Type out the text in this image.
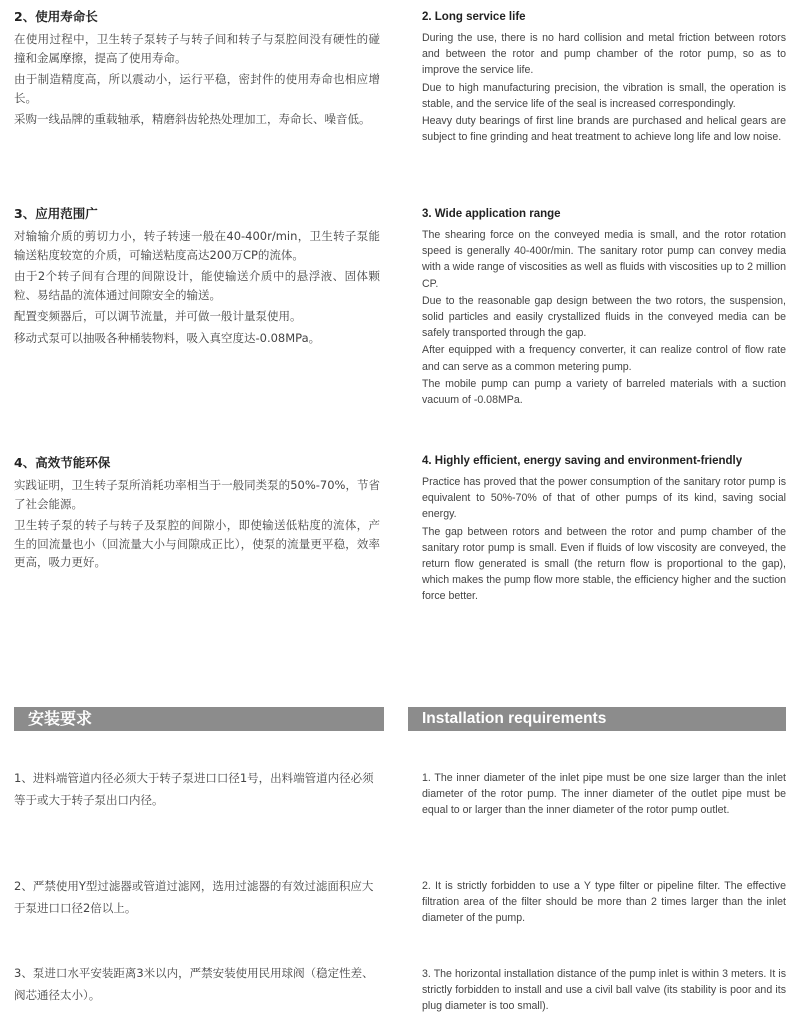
2、使用寿命长

在使用过程中，卫生转子泵转子与转子间和转子与泵腔间没有硬性的碰撞和金属摩擦，提高了使用寿命。

由于制造精度高，所以震动小，运行平稳，密封件的使用寿命也相应增长。

采购一线品牌的重载轴承，精磨斜齿轮热处理加工，寿命长、噪音低。

2. Long service life

During the use, there is no hard collision and metal friction between rotors and between the rotor and pump chamber of the rotor pump, so as to improve the service life.

Due to high manufacturing precision, the vibration is small, the operation is stable, and the service life of the seal is increased correspondingly.

Heavy duty bearings of first line brands are purchased and helical gears are subject to fine grinding and heat treatment to achieve long life and low noise.

3、应用范围广

对输输介质的剪切力小，转子转速一般在40-400r/min，卫生转子泵能输送粘度较宽的介质，可输送粘度高达200万CP的流体。

由于2个转子间有合理的间隙设计，能使输送介质中的悬浮液、固体颗粒、易结晶的流体通过间隙安全的输送。

配置变频器后，可以调节流量，并可做一般计量泵使用。

移动式泵可以抽吸各种桶装物料，吸入真空度达-0.08MPa。

3. Wide application range

The shearing force on the conveyed media is small, and the rotor rotation speed is generally 40-400r/min. The sanitary rotor pump can convey media with a wide range of viscosities as well as fluids with viscosities up to 2 million CP.

Due to the reasonable gap design between the two rotors, the suspension, solid particles and easily crystallized fluids in the conveyed media can be safely transported through the gap.

After equipped with a frequency converter, it can realize control of flow rate and can serve as a common metering pump.

The mobile pump can pump a variety of barreled materials with a suction vacuum of -0.08MPa.

4、高效节能环保

实践证明，卫生转子泵所消耗功率相当于一般同类泵的50%-70%，节省了社会能源。

卫生转子泵的转子与转子及泵腔的间隙小，即使输送低粘度的流体，产生的回流量也小（回流量大小与间隙成正比），使泵的流量更平稳，效率更高，吸力更好。

4. Highly efficient, energy saving and environment-friendly

Practice has proved that the power consumption of the sanitary rotor pump is equivalent to 50%-70% of that of other pumps of its kind, saving social energy.

The gap between rotors and between the rotor and pump chamber of the sanitary rotor pump is small. Even if fluids of low viscosity are conveyed, the return flow generated is small (the return flow is proportional to the gap), which makes the pump flow more stable, the efficiency higher and the suction force better.

安装要求	Installation requirements

1、进料端管道内径必须大于转子泵进口口径1号，出料端管道内径必须等于或大于转子泵出口内径。

1. The inner diameter of the inlet pipe must be one size larger than the inlet diameter of the rotor pump. The inner diameter of the outlet pipe must be equal to or larger than the inner diameter of the rotor pump outlet.

2、严禁使用Y型过滤器或管道过滤网，选用过滤器的有效过滤面积应大于泵进口口径2倍以上。

2. It is strictly forbidden to use a Y type filter or pipeline filter. The effective filtration area of the filter should be more than 2 times larger than the inlet diameter of the pump.

3、泵进口水平安装距离3米以内，严禁安装使用民用球阀（稳定性差、阀芯通径太小）。

3. The horizontal installation distance of the pump inlet is within 3 meters. It is strictly forbidden to install and use a civil ball valve (its stability is poor and its plug diameter is too small).
